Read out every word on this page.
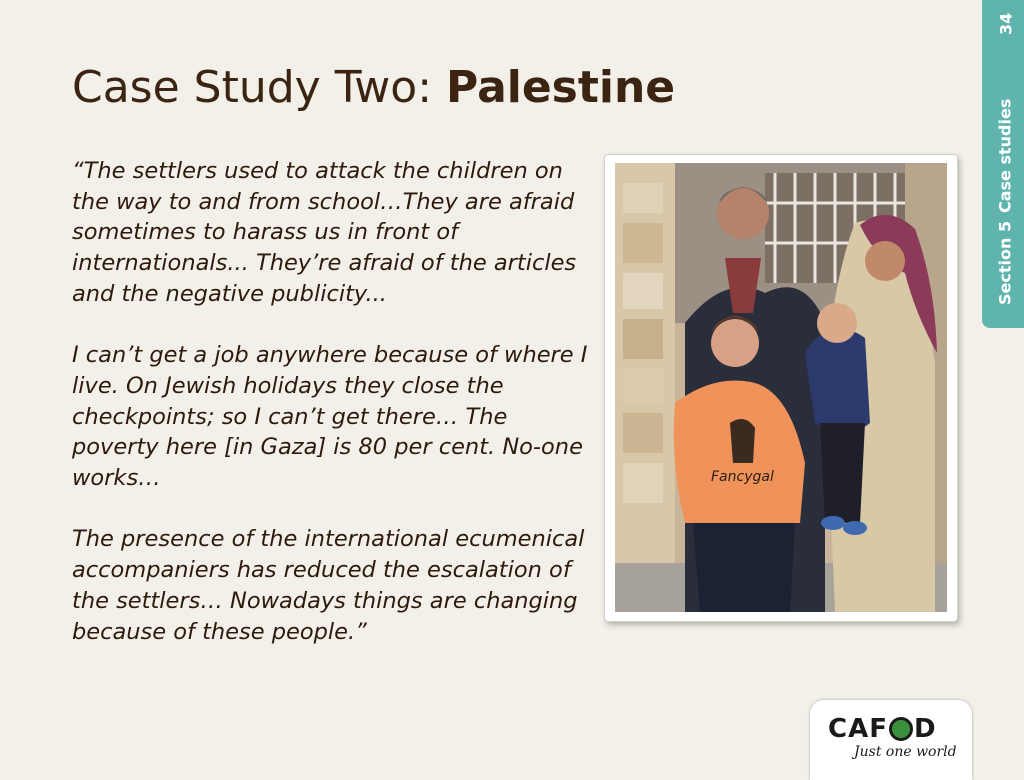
34
Section 5
Case studies
Case Study Two: Palestine

“The settlers used to attack the children on the way to and from school…They are afraid sometimes to harass us in front of internationals... They’re afraid of the articles and the negative publicity...

I can’t get a job anywhere because of where I live. On Jewish holidays they close the checkpoints; so I can’t get there… The poverty here [in Gaza] is 80 per cent. No-one works…

The presence of the international ecumenical accompaniers has reduced the escalation of the settlers… Nowadays things are changing because of these people.”

Fancygal
CAF D
Just one world
